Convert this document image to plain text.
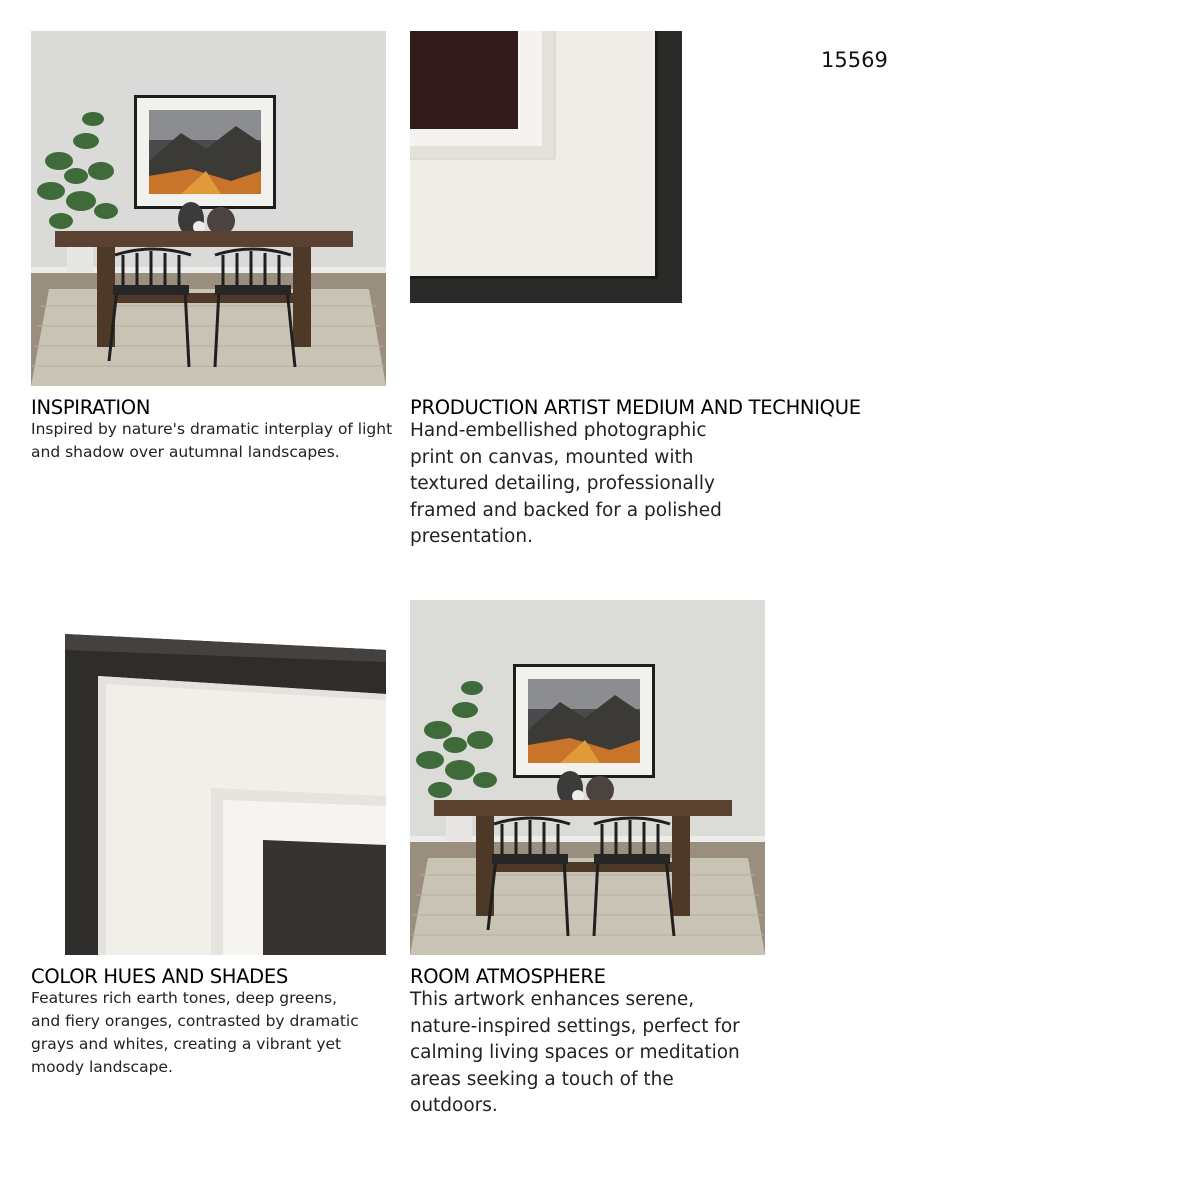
15569
INSPIRATION
Inspired by nature's dramatic interplay of light and shadow over autumnal landscapes.
PRODUCTION ARTIST MEDIUM AND TECHNIQUE
Hand-embellished photographic print on canvas, mounted with textured detailing, professionally framed and backed for a polished presentation.
COLOR HUES AND SHADES
Features rich earth tones, deep greens, and fiery oranges, contrasted by dramatic grays and whites, creating a vibrant yet moody landscape.
ROOM ATMOSPHERE
This artwork enhances serene, nature-inspired settings, perfect for calming living spaces or meditation areas seeking a touch of the outdoors.
